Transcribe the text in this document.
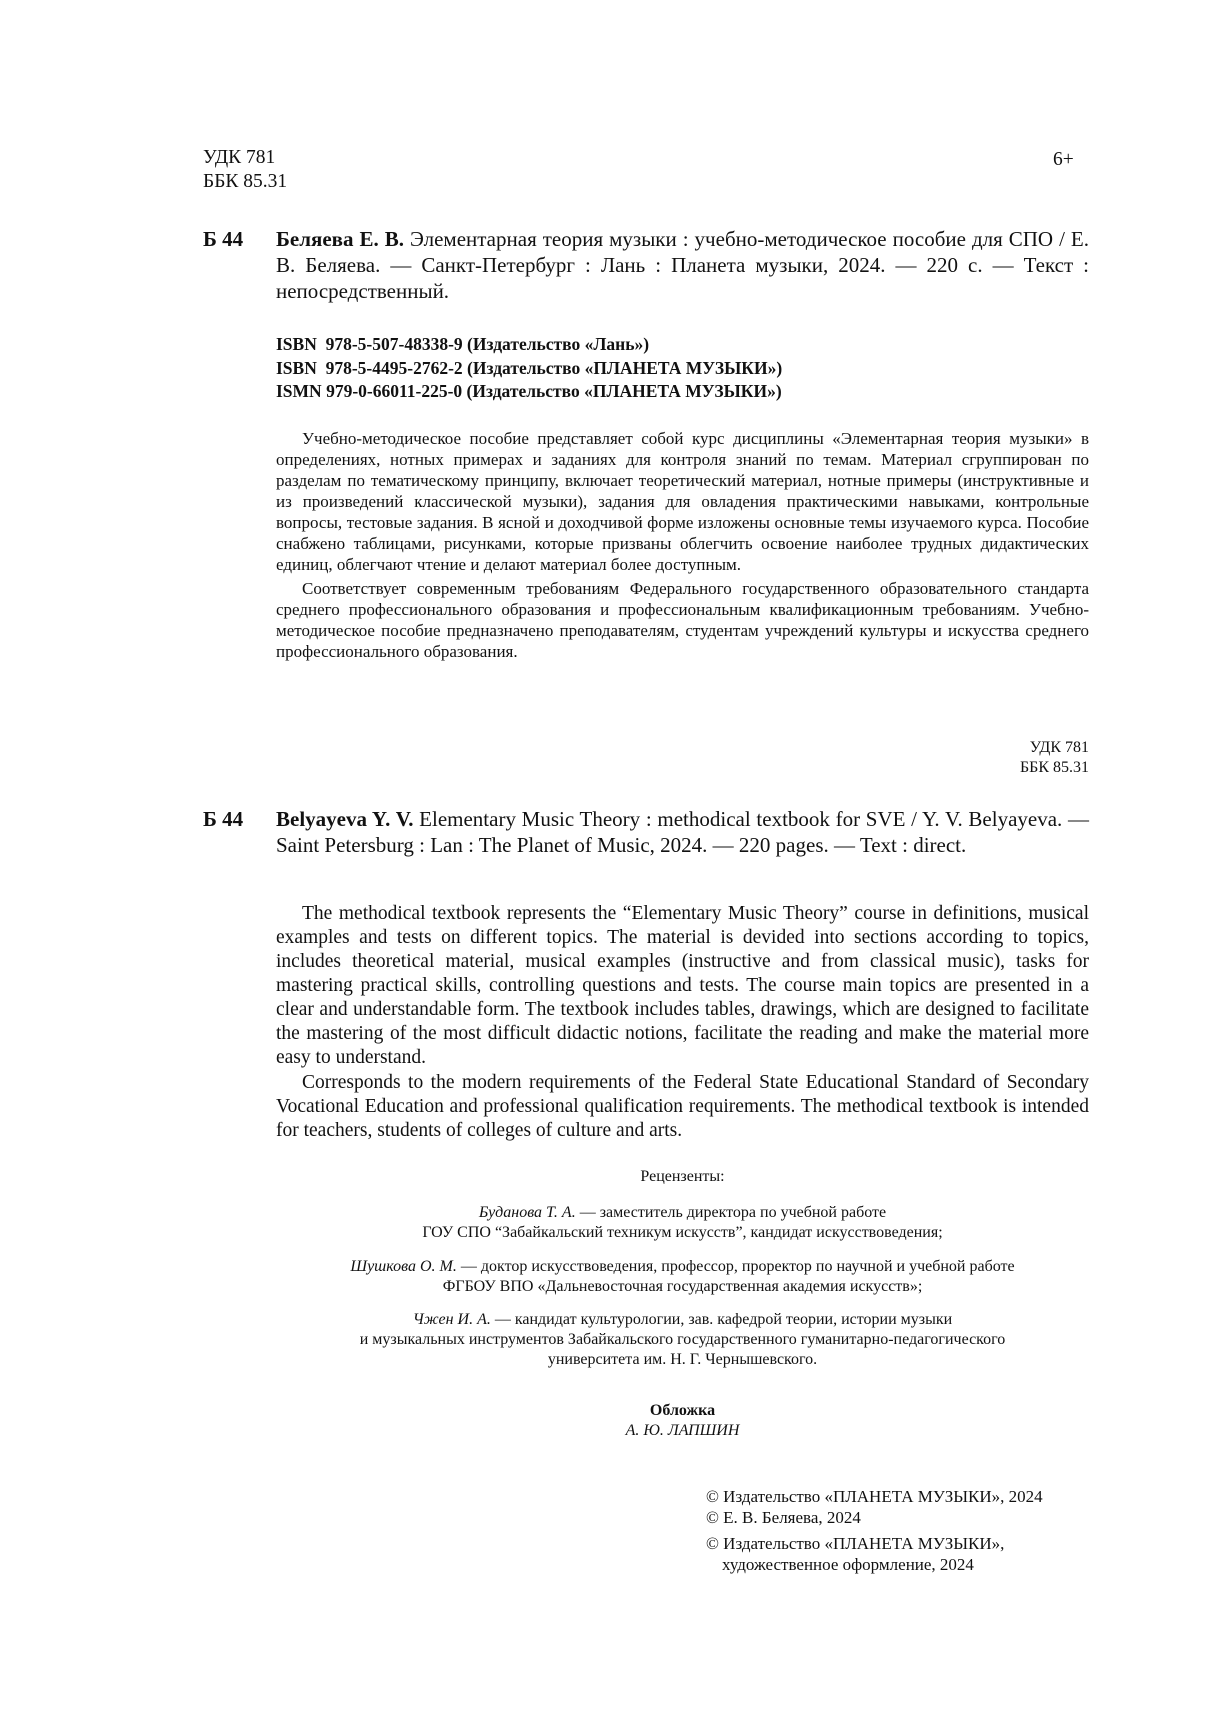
УДК 781
ББК 85.31
6+
Б 44	Беляева Е. В. Элементарная теория музыки : учебно-методическое пособие для СПО / Е. В. Беляева. — Санкт-Петербург : Лань : Планета музыки, 2024. — 220 с. — Текст : непосредственный.

ISBN  978-5-507-48338-9 (Издательство «Лань»)
ISBN  978-5-4495-2762-2 (Издательство «ПЛАНЕТА МУЗЫКИ»)
ISMN 979-0-66011-225-0 (Издательство «ПЛАНЕТА МУЗЫКИ»)

Учебно-методическое пособие представляет собой курс дисциплины «Элементарная теория музыки» в определениях, нотных примерах и заданиях для контроля знаний по темам. Материал сгруппирован по разделам по тематическому принципу, включает теоретический материал, нотные примеры (инструктивные и из произведений классической музыки), задания для овладения практическими навыками, контрольные вопросы, тестовые задания. В ясной и доходчивой форме изложены основные темы изучаемого курса. Пособие снабжено таблицами, рисунками, которые призваны облегчить освоение наиболее трудных дидактических единиц, облегчают чтение и делают материал более доступным.

Соответствует современным требованиям Федерального государственного образовательного стандарта среднего профессионального образования и профессиональным квалификационным требованиям. Учебно-методическое пособие предназначено преподавателям, студентам учреждений культуры и искусства среднего профессионального образования.

УДК 781
ББК 85.31
Б 44	Belyayeva Y. V. Elementary Music Theory : methodical textbook for SVE / Y. V. Belyayeva. — Saint Petersburg : Lan : The Planet of Music, 2024. — 220 pages. — Text : direct.

The methodical textbook represents the “Elementary Music Theory” course in definitions, musical examples and tests on different topics. The material is devided into sections according to topics, includes theoretical material, musical examples (instructive and from classical music), tasks for mastering practical skills, controlling questions and tests. The course main topics are presented in a clear and understandable form. The textbook includes tables, drawings, which are designed to facilitate the mastering of the most difficult didactic notions, facilitate the reading and make the material more easy to understand.

Corresponds to the modern requirements of the Federal State Educational Standard of Secondary Vocational Education and professional qualification requirements. The methodical textbook is intended for teachers, students of colleges of culture and arts.

Рецензенты:
Буданова Т. А. — заместитель директора по учебной работе
ГОУ СПО “Забайкальский техникум искусств”, кандидат искусствоведения;
Шушкова О. М. — доктор искусствоведения, профессор, проректор по научной и учебной работе
ФГБОУ ВПО «Дальневосточная государственная академия искусств»;
Чжен И. А. — кандидат культурологии, зав. кафедрой теории, истории музыки
и музыкальных инструментов Забайкальского государственного гуманитарно-педагогического
университета им. Н. Г. Чернышевского.
Обложка
А. Ю. ЛАПШИН
© Издательство «ПЛАНЕТА МУЗЫКИ», 2024
© Е. В. Беляева, 2024
© Издательство «ПЛАНЕТА МУЗЫКИ»,
художественное оформление, 2024
